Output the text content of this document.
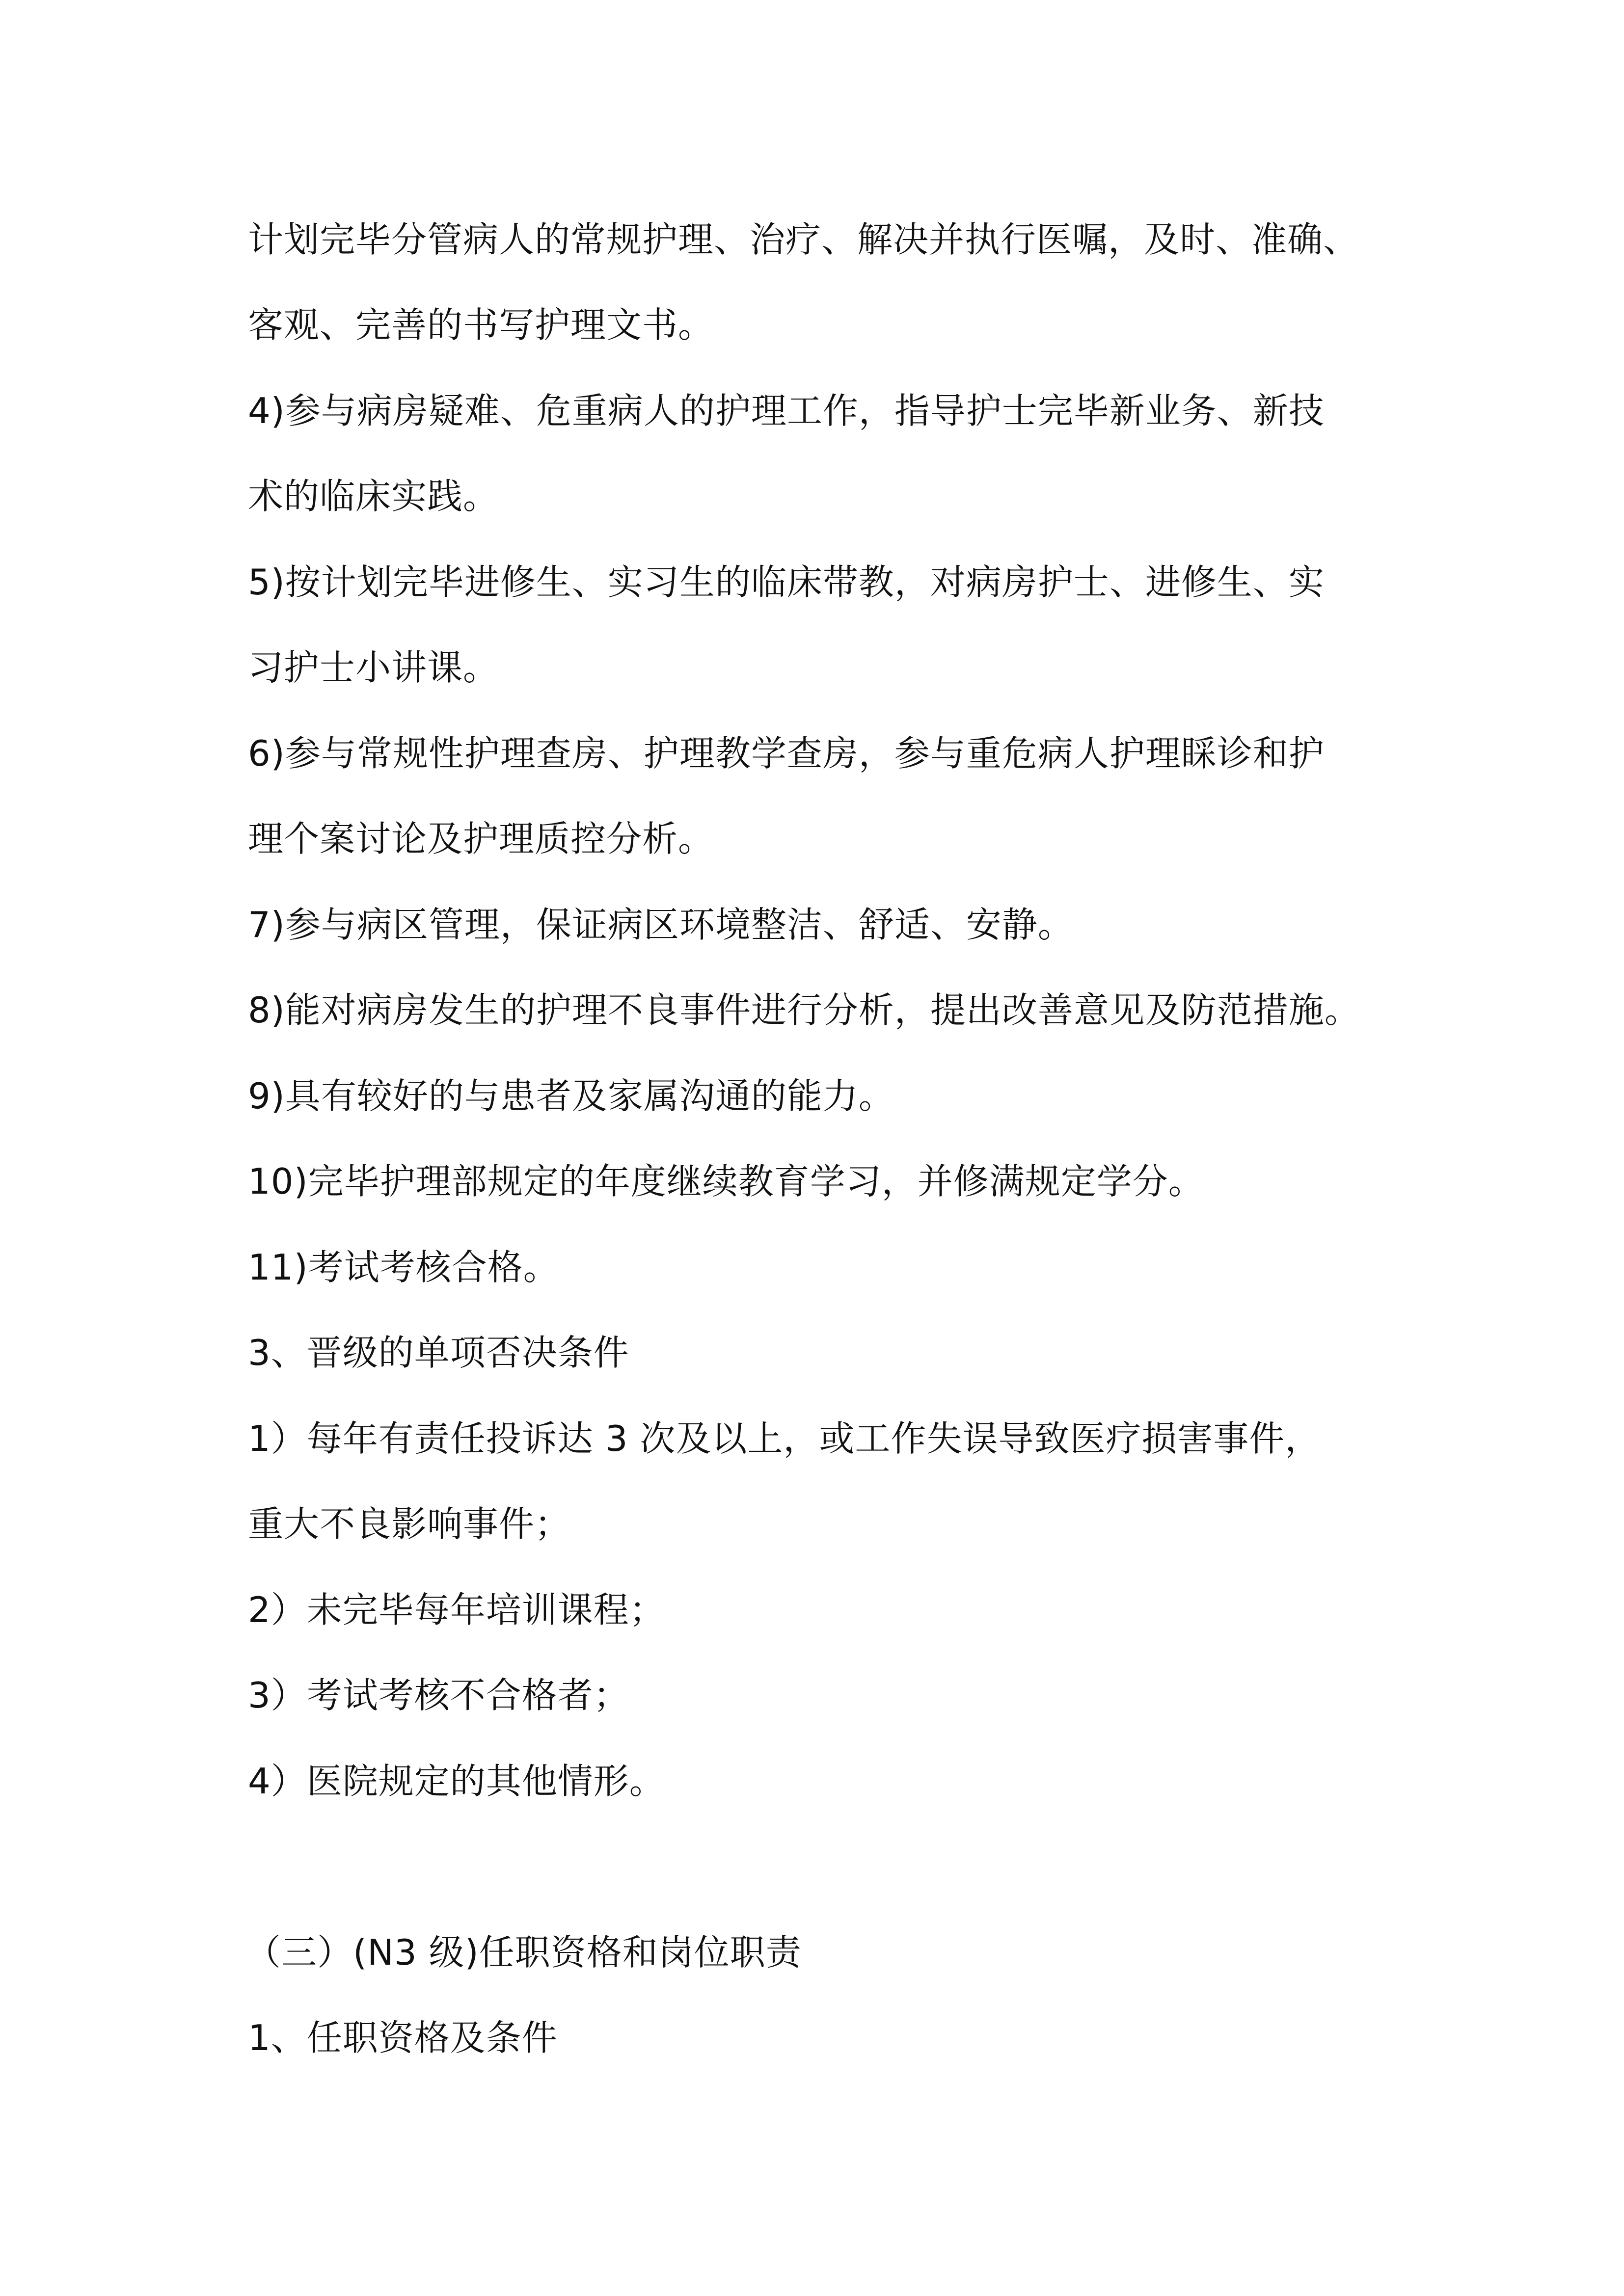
计划完毕分管病人的常规护理、治疗、解决并执行医嘱，及时、准确、

客观、完善的书写护理文书。

4)参与病房疑难、危重病人的护理工作，指导护士完毕新业务、新技

术的临床实践。

5)按计划完毕进修生、实习生的临床带教，对病房护士、进修生、实

习护士小讲课。

6)参与常规性护理查房、护理教学查房，参与重危病人护理睬诊和护

理个案讨论及护理质控分析。

7)参与病区管理，保证病区环境整洁、舒适、安静。

8)能对病房发生的护理不良事件进行分析，提出改善意见及防范措施。

9)具有较好的与患者及家属沟通的能力。

10)完毕护理部规定的年度继续教育学习，并修满规定学分。

11)考试考核合格。

3、晋级的单项否决条件

1）每年有责任投诉达 3 次及以上，或工作失误导致医疗损害事件，

重大不良影响事件；

2）未完毕每年培训课程；

3）考试考核不合格者；

4）医院规定的其他情形。

（三）(N3 级)任职资格和岗位职责

1、任职资格及条件
